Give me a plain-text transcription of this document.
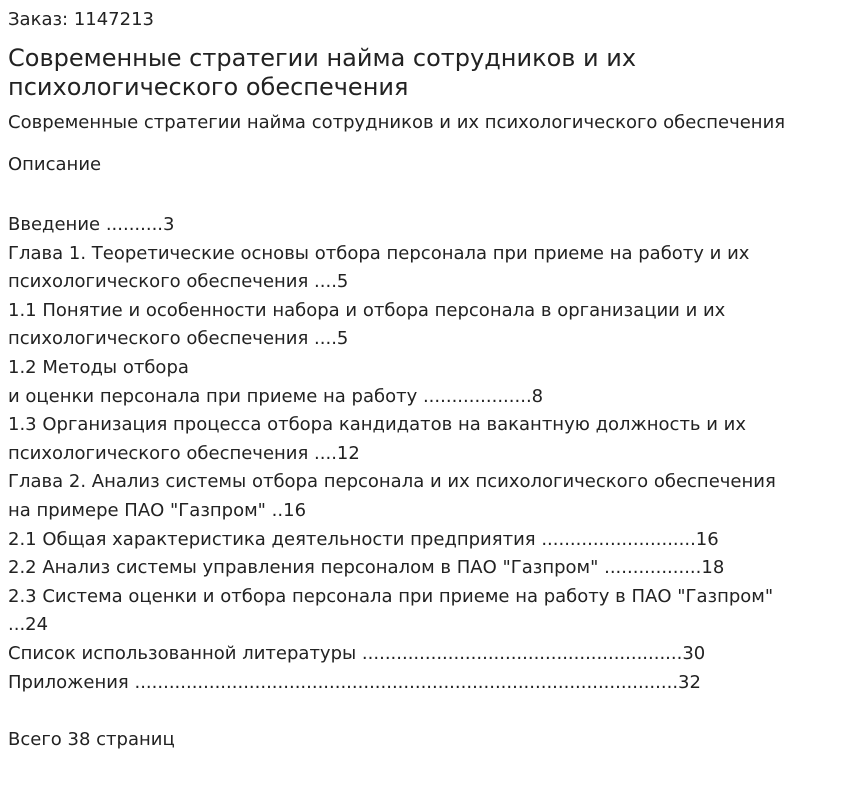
Заказ: 1147213

Современные стратегии найма сотрудников и их
психологического обеспечения

Современные стратегии найма сотрудников и их психологического обеспечения

Описание

Введение ..........3

Глава 1. Теоретические основы отбора персонала при приеме на работу и их

психологического обеспечения ....5

1.1 Понятие и особенности набора и отбора персонала в организации и их

психологического обеспечения ....5

1.2 Методы отбора

и оценки персонала при приеме на работу ...................8

1.3 Организация процесса отбора кандидатов на вакантную должность и их

психологического обеспечения ....12

Глава 2. Анализ системы отбора персонала и их психологического обеспечения

на примере ПАО "Газпром" ..16

2.1 Общая характеристика деятельности предприятия ...........................16

2.2 Анализ системы управления персоналом в ПАО "Газпром" .................18

2.3 Система оценки и отбора персонала при приеме на работу в ПАО "Газпром"

...24

Список использованной литературы ........................................................30

Приложения ...............................................................................................32

Всего 38 страниц
